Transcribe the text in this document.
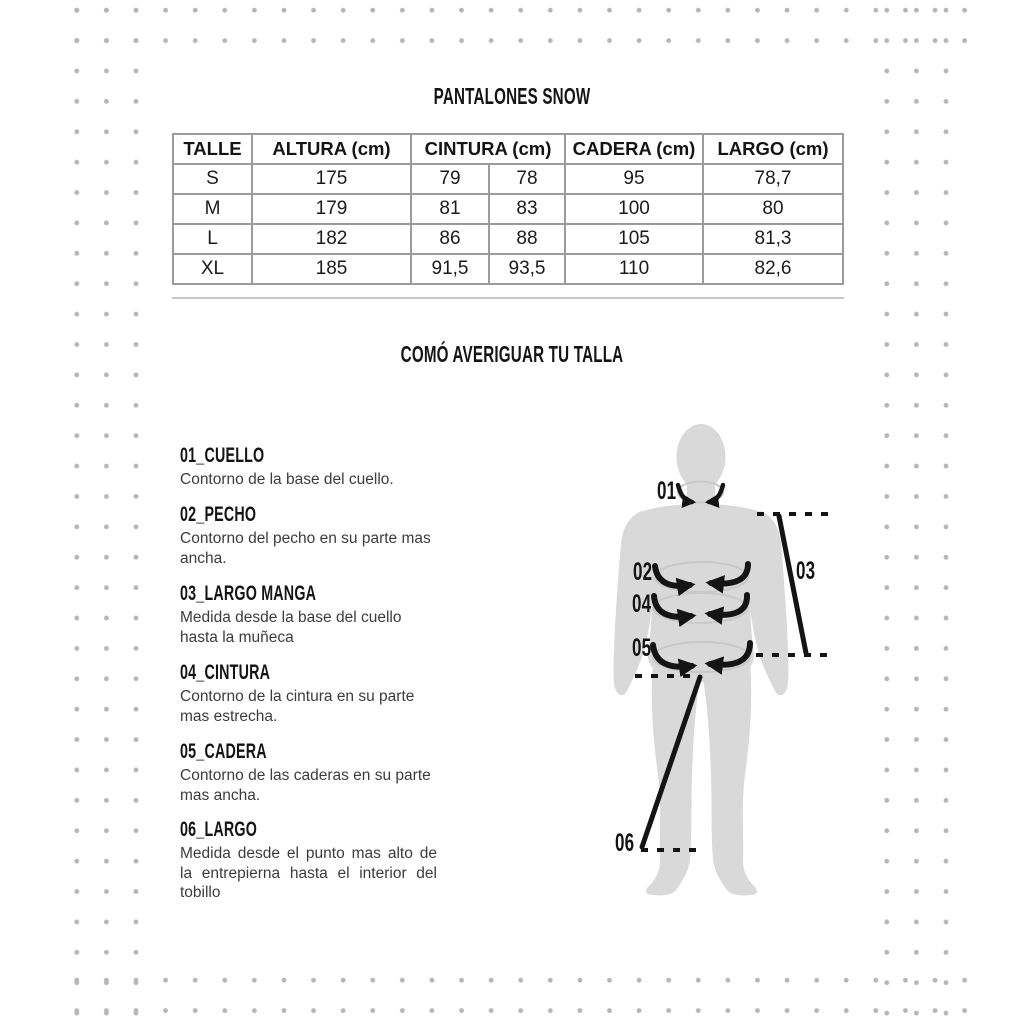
PANTALONES SNOW
COMÓ AVERIGUAR TU TALLA
TALLE	ALTURA (cm)	CINTURA (cm)		CADERA (cm)	LARGO (cm)
S	175	79	78	95	78,7
M	179	81	83	100	80
L	182	86	88	105	81,3
XL	185	91,5	93,5	110	82,6
01_CUELLO
Contorno de la base del cuello.
02_PECHO
Contorno del pecho en su parte mas
ancha.
03_LARGO MANGA
Medida desde la base del cuello
hasta la muñeca
04_CINTURA
Contorno de la cintura en su parte
mas estrecha.
05_CADERA
Contorno de las caderas en su parte
mas ancha.
06_LARGO
Medida desde el punto mas alto de
la entrepierna hasta el interior del
tobillo
01
02	03
04
05
06
